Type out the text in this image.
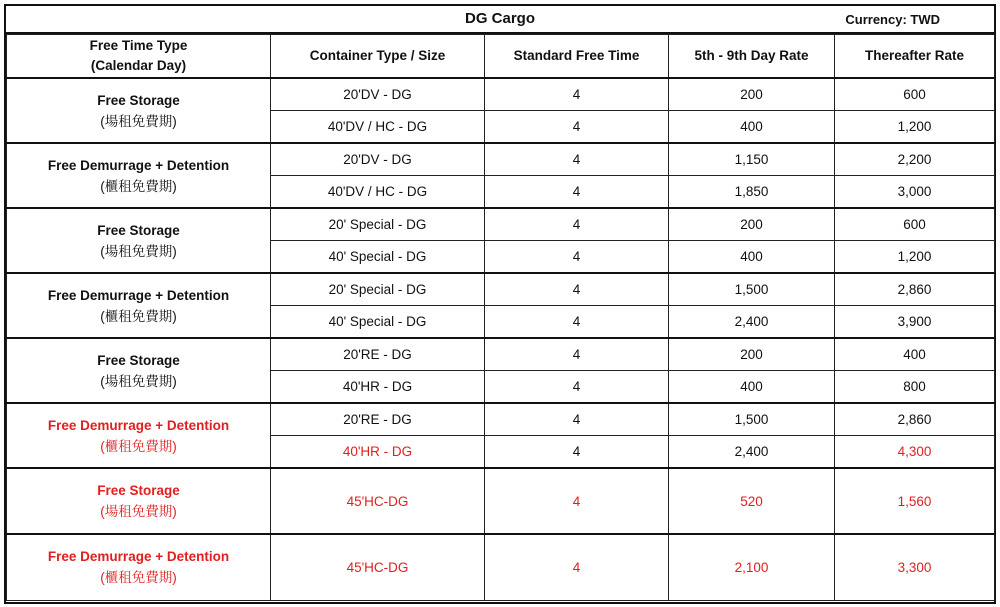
DG Cargo	Currency: TWD
Free Time Type
(Calendar Day)	Container Type / Size	Standard Free Time	5th - 9th Day Rate	Thereafter Rate

Free Storage
(場租免費期)	20'DV - DG	4	200	600
	40'DV / HC - DG	4	400	1,200

Free Demurrage + Detention
(櫃租免費期)	20'DV - DG	4	1,150	2,200
	40'DV / HC - DG	4	1,850	3,000

Free Storage
(場租免費期)	20' Special - DG	4	200	600
	40' Special - DG	4	400	1,200

Free Demurrage + Detention
(櫃租免費期)	20' Special - DG	4	1,500	2,860
	40' Special - DG	4	2,400	3,900

Free Storage
(場租免費期)	20'RE - DG	4	200	400
	40'HR - DG	4	400	800

Free Demurrage + Detention
(櫃租免費期)	20'RE - DG	4	1,500	2,860
	40'HR - DG	4	2,400	4,300

Free Storage
(場租免費期)	45'HC-DG	4	520	1,560

Free Demurrage + Detention
(櫃租免費期)	45'HC-DG	4	2,100	3,300
